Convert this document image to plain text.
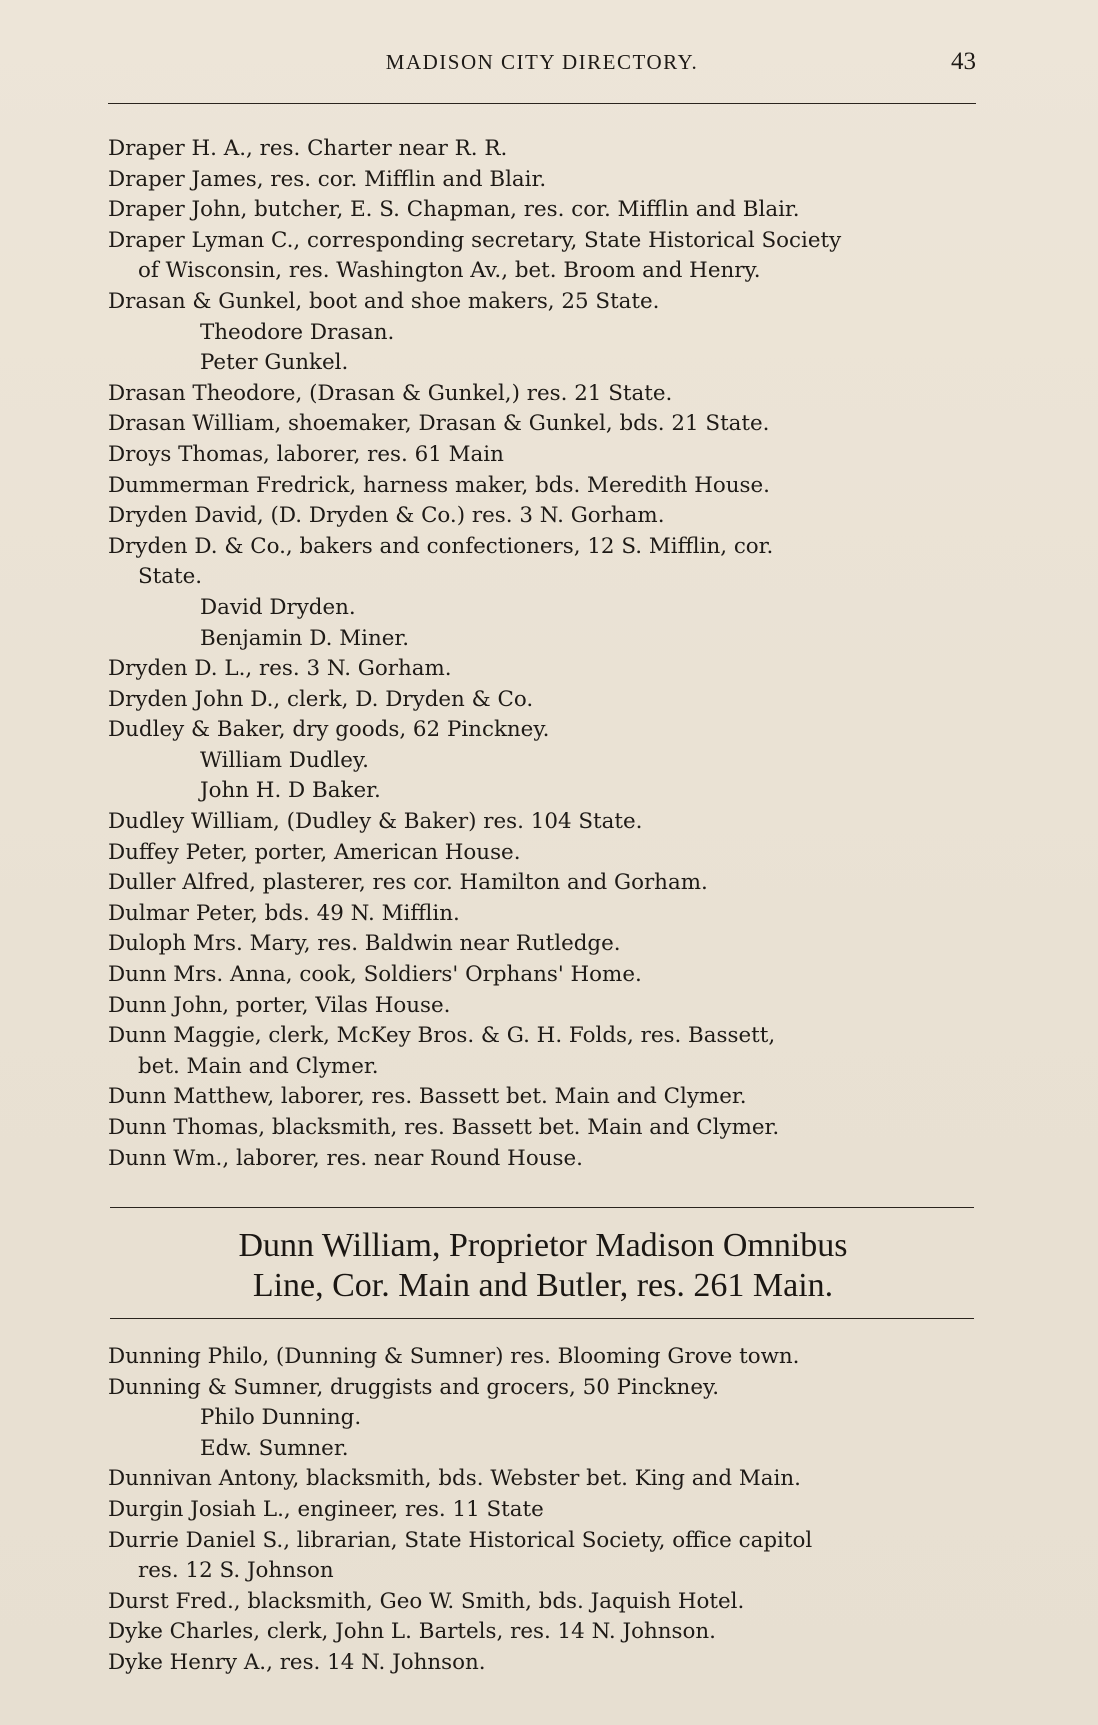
MADISON CITY DIRECTORY.	43
Draper H. A., res. Charter near R. R.
Draper James, res. cor. Mifflin and Blair.
Draper John, butcher, E. S. Chapman, res. cor. Mifflin and Blair.
Draper Lyman C., corresponding secretary, State Historical Society
of Wisconsin, res. Washington Av., bet. Broom and Henry.
Drasan & Gunkel, boot and shoe makers, 25 State.
Theodore Drasan.
Peter Gunkel.
Drasan Theodore, (Drasan & Gunkel,) res. 21 State.
Drasan William, shoemaker, Drasan & Gunkel, bds. 21 State.
Droys Thomas, laborer, res. 61 Main
Dummerman Fredrick, harness maker, bds. Meredith House.
Dryden David, (D. Dryden & Co.) res. 3 N. Gorham.
Dryden D. & Co., bakers and confectioners, 12 S. Mifflin, cor.
State.
David Dryden.
Benjamin D. Miner.
Dryden D. L., res. 3 N. Gorham.
Dryden John D., clerk, D. Dryden & Co.
Dudley & Baker, dry goods, 62 Pinckney.
William Dudley.
John H. D Baker.
Dudley William, (Dudley & Baker) res. 104 State.
Duffey Peter, porter, American House.
Duller Alfred, plasterer, res cor. Hamilton and Gorham.
Dulmar Peter, bds. 49 N. Mifflin.
Duloph Mrs. Mary, res. Baldwin near Rutledge.
Dunn Mrs. Anna, cook, Soldiers' Orphans' Home.
Dunn John, porter, Vilas House.
Dunn Maggie, clerk, McKey Bros. & G. H. Folds, res. Bassett,
bet. Main and Clymer.
Dunn Matthew, laborer, res. Bassett bet. Main and Clymer.
Dunn Thomas, blacksmith, res. Bassett bet. Main and Clymer.
Dunn Wm., laborer, res. near Round House.
Dunn William, Proprietor Madison Omnibus
Line, Cor. Main and Butler, res. 261 Main.
Dunning Philo, (Dunning & Sumner) res. Blooming Grove town.
Dunning & Sumner, druggists and grocers, 50 Pinckney.
Philo Dunning.
Edw. Sumner.
Dunnivan Antony, blacksmith, bds. Webster bet. King and Main.
Durgin Josiah L., engineer, res. 11 State
Durrie Daniel S., librarian, State Historical Society, office capitol
res. 12 S. Johnson
Durst Fred., blacksmith, Geo W. Smith, bds. Jaquish Hotel.
Dyke Charles, clerk, John L. Bartels, res. 14 N. Johnson.
Dyke Henry A., res. 14 N. Johnson.
